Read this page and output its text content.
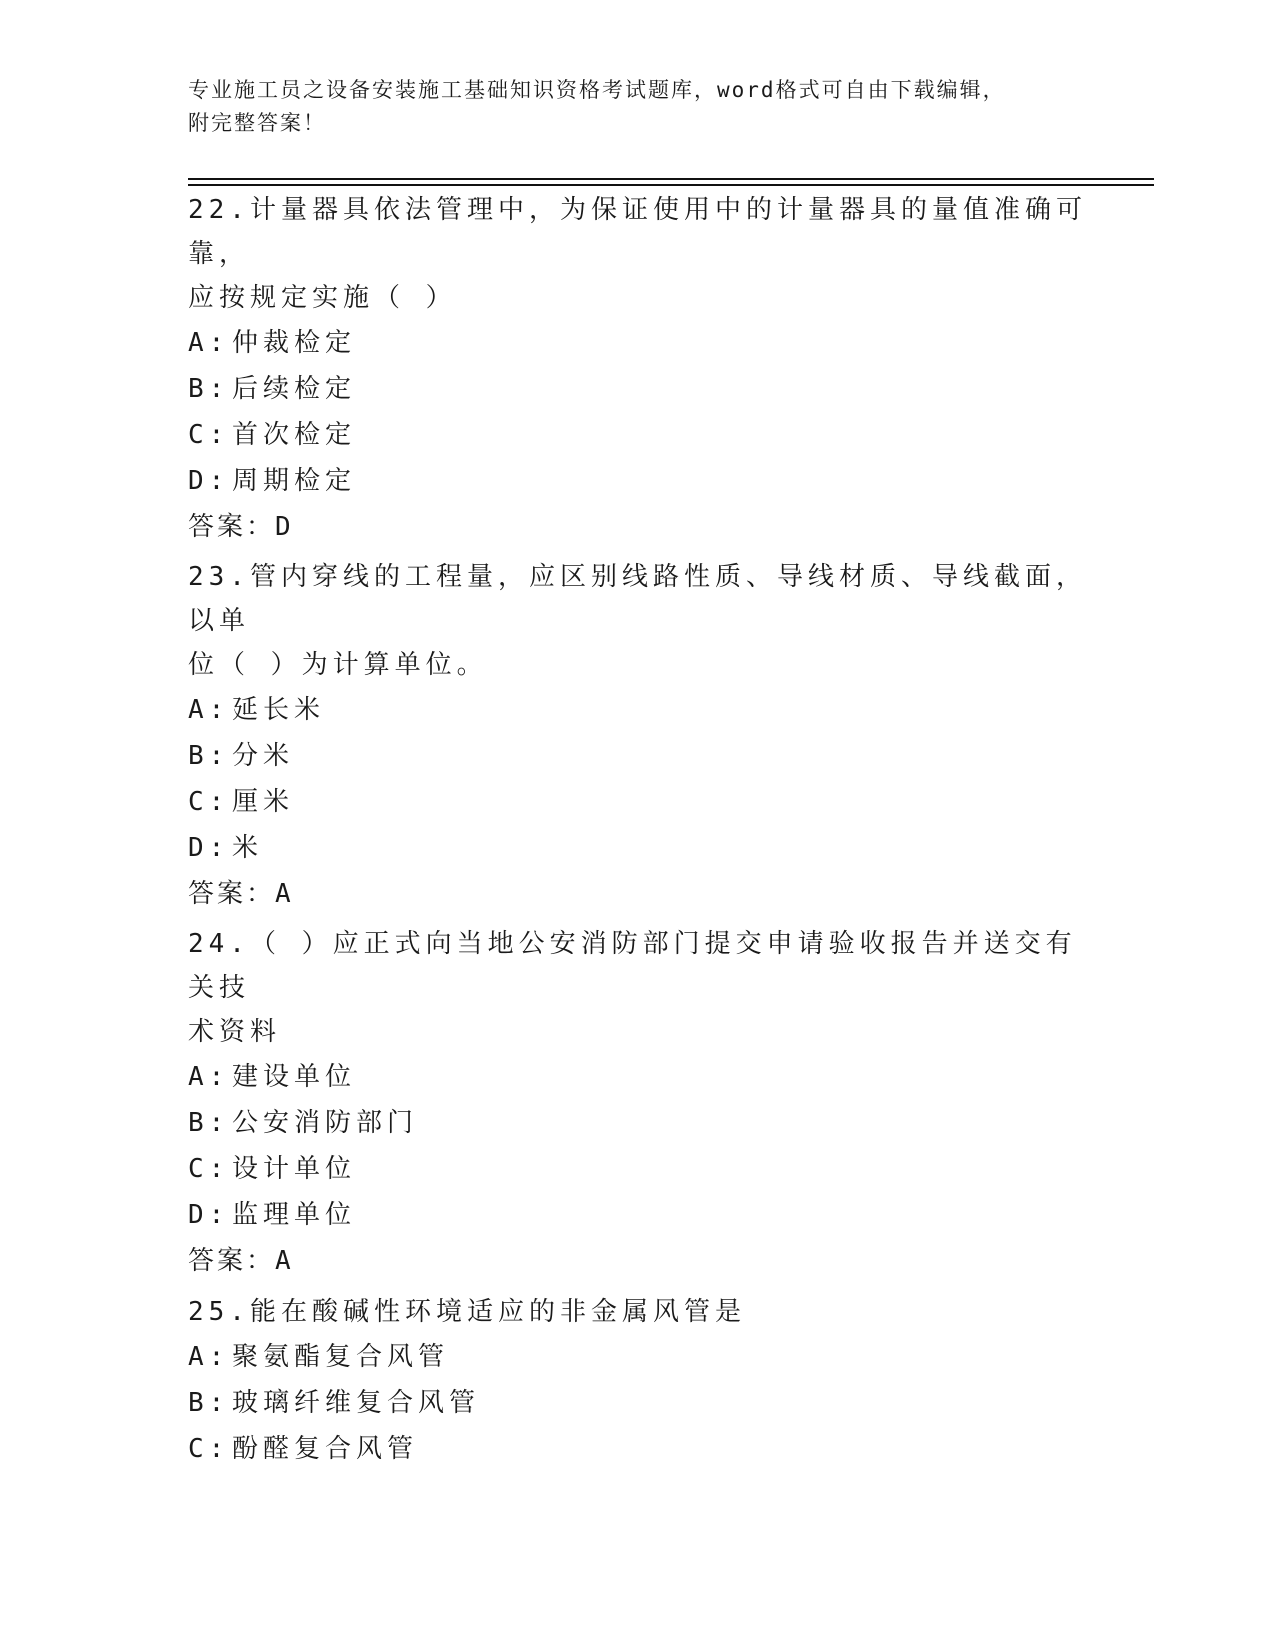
专业施工员之设备安装施工基础知识资格考试题库，word格式可自由下载编辑，
附完整答案！

22.计量器具依法管理中，为保证使用中的计量器具的量值准确可靠，
应按规定实施（ ）

A: 仲裁检定
B: 后续检定
C: 首次检定
D: 周期检定
答案：D

23.管内穿线的工程量，应区别线路性质、导线材质、导线截面，以单
位（ ）为计算单位。

A: 延长米
B: 分米
C: 厘米
D: 米
答案：A

24.（ ）应正式向当地公安消防部门提交申请验收报告并送交有关技
术资料

A: 建设单位
B: 公安消防部门
C: 设计单位
D: 监理单位
答案：A

25.能在酸碱性环境适应的非金属风管是

A: 聚氨酯复合风管
B: 玻璃纤维复合风管
C: 酚醛复合风管
